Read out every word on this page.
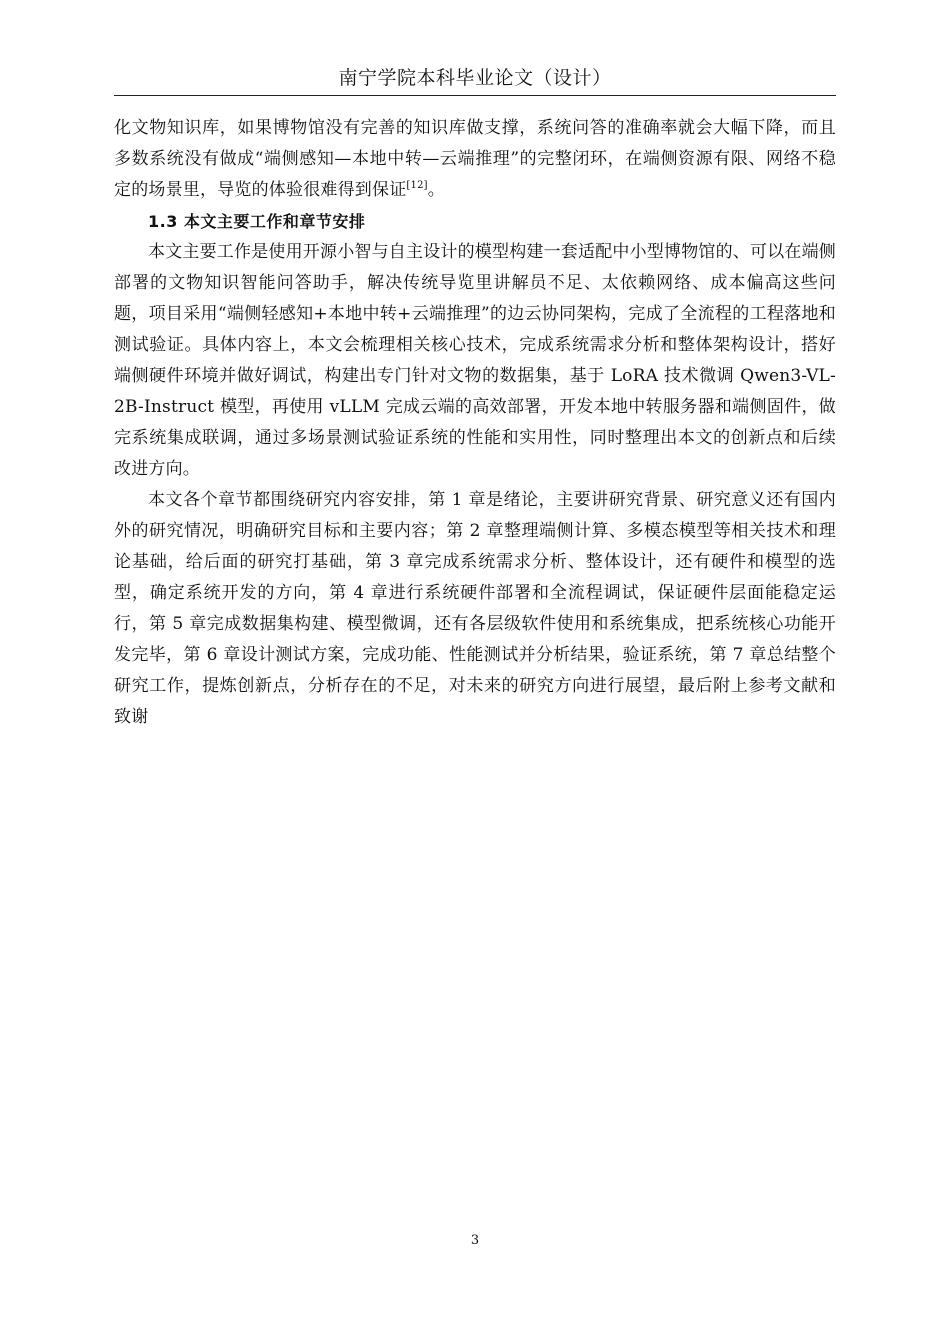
南宁学院本科毕业论文（设计）

化文物知识库，如果博物馆没有完善的知识库做支撑，系统问答的准确率就会大幅下降，而且多数系统没有做成“端侧感知—本地中转—云端推理”的完整闭环，在端侧资源有限、网络不稳定的场景里，导览的体验很难得到保证[12]。

1.3 本文主要工作和章节安排

本文主要工作是使用开源小智与自主设计的模型构建一套适配中小型博物馆的、可以在端侧部署的文物知识智能问答助手，解决传统导览里讲解员不足、太依赖网络、成本偏高这些问题，项目采用“端侧轻感知+本地中转+云端推理”的边云协同架构，完成了全流程的工程落地和测试验证。具体内容上，本文会梳理相关核心技术，完成系统需求分析和整体架构设计，搭好端侧硬件环境并做好调试，构建出专门针对文物的数据集，基于 LoRA 技术微调 Qwen3-VL-2B-Instruct 模型，再使用 vLLM 完成云端的高效部署，开发本地中转服务器和端侧固件，做完系统集成联调，通过多场景测试验证系统的性能和实用性，同时整理出本文的创新点和后续改进方向。

本文各个章节都围绕研究内容安排，第 1 章是绪论，主要讲研究背景、研究意义还有国内外的研究情况，明确研究目标和主要内容；第 2 章整理端侧计算、多模态模型等相关技术和理论基础，给后面的研究打基础，第 3 章完成系统需求分析、整体设计，还有硬件和模型的选型，确定系统开发的方向，第 4 章进行系统硬件部署和全流程调试，保证硬件层面能稳定运行，第 5 章完成数据集构建、模型微调，还有各层级软件使用和系统集成，把系统核心功能开发完毕，第 6 章设计测试方案，完成功能、性能测试并分析结果，验证系统，第 7 章总结整个研究工作，提炼创新点，分析存在的不足，对未来的研究方向进行展望，最后附上参考文献和致谢

3
